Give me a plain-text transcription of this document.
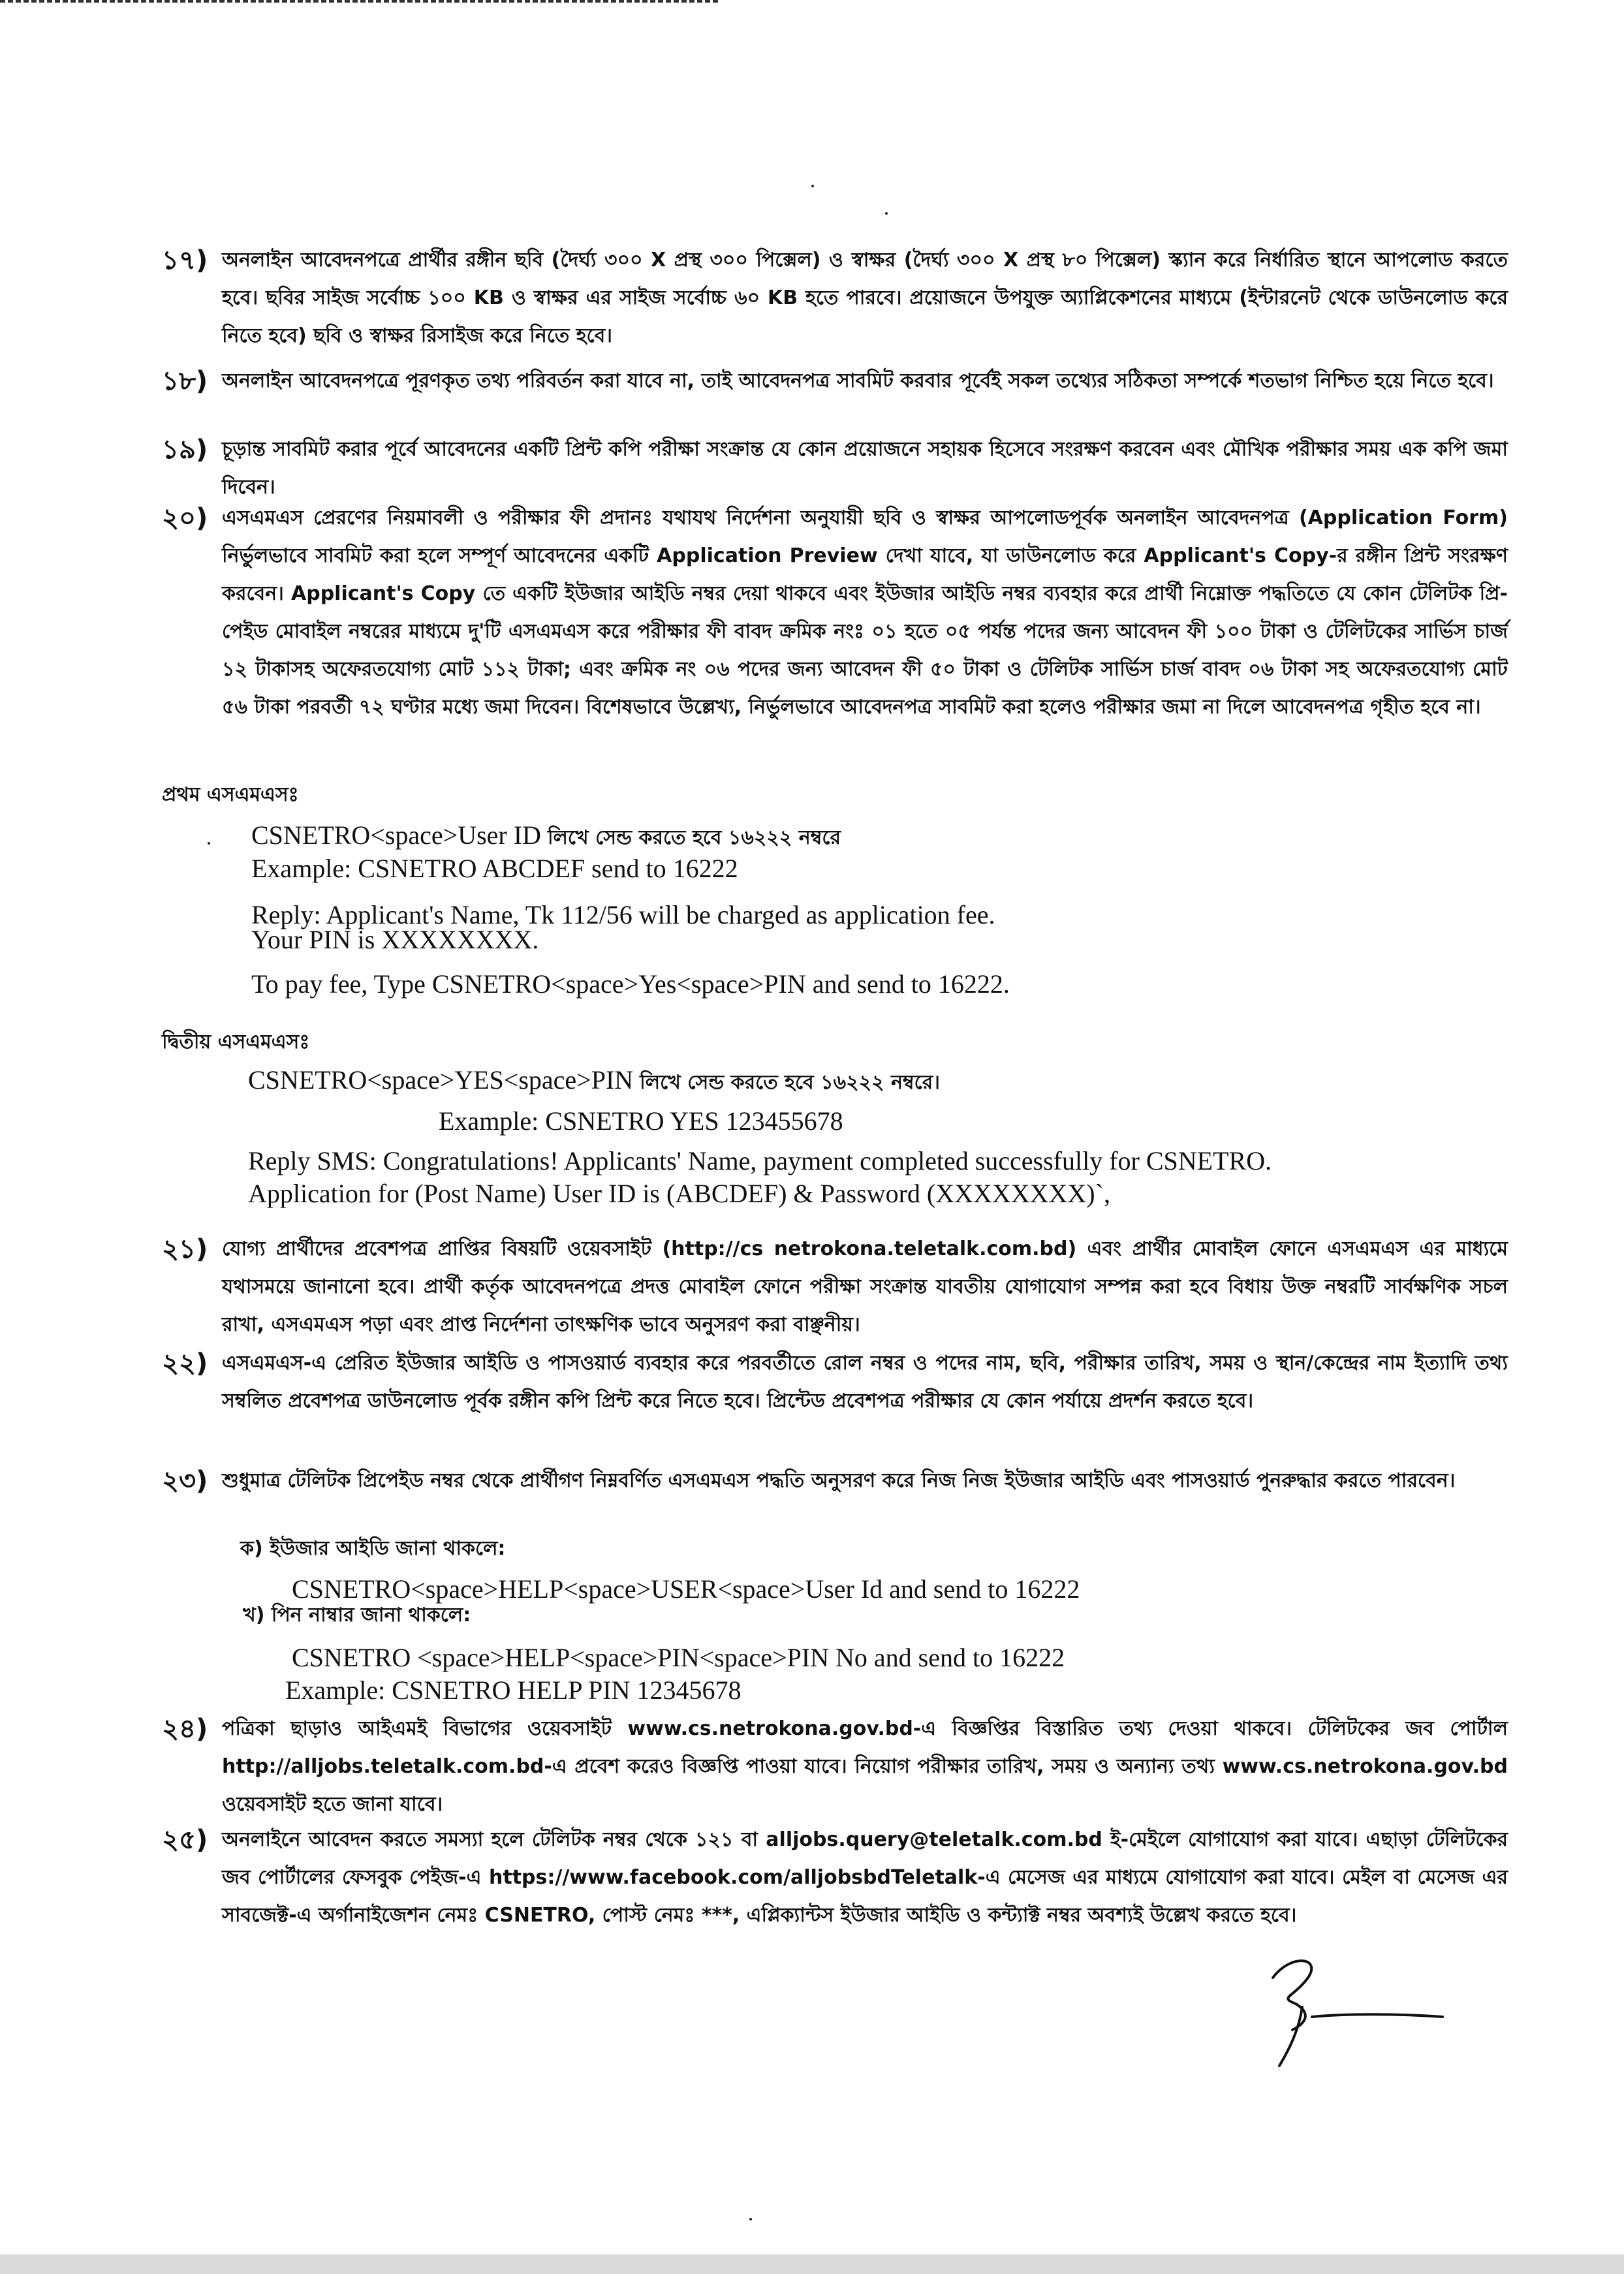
১৭) অনলাইন আবেদনপত্রে প্রার্থীর রঙ্গীন ছবি (দৈর্ঘ্য ৩০০ X প্রস্থ ৩০০ পিক্সেল) ও স্বাক্ষর (দৈর্ঘ্য ৩০০ X প্রস্থ ৮০ পিক্সেল) স্ক্যান করে নির্ধারিত স্থানে আপলোড করতে হবে। ছবির সাইজ সর্বোচ্চ ১০০ KB ও স্বাক্ষর এর সাইজ সর্বোচ্চ ৬০ KB হতে পারবে। প্রয়োজনে উপযুক্ত অ্যাপ্লিকেশনের মাধ্যমে (ইন্টারনেট থেকে ডাউনলোড করে নিতে হবে) ছবি ও স্বাক্ষর রিসাইজ করে নিতে হবে।
১৮) অনলাইন আবেদনপত্রে পূরণকৃত তথ্য পরিবর্তন করা যাবে না, তাই আবেদনপত্র সাবমিট করবার পূর্বেই সকল তথ্যের সঠিকতা সম্পর্কে শতভাগ নিশ্চিত হয়ে নিতে হবে।
১৯) চূড়ান্ত সাবমিট করার পূর্বে আবেদনের একটি প্রিন্ট কপি পরীক্ষা সংক্রান্ত যে কোন প্রয়োজনে সহায়ক হিসেবে সংরক্ষণ করবেন এবং মৌখিক পরীক্ষার সময় এক কপি জমা দিবেন।
২০) এসএমএস প্রেরণের নিয়মাবলী ও পরীক্ষার ফী প্রদানঃ যথাযথ নির্দেশনা অনুযায়ী ছবি ও স্বাক্ষর আপলোডপূর্বক অনলাইন আবেদনপত্র (Application Form) নির্ভুলভাবে সাবমিট করা হলে সম্পূর্ণ আবেদনের একটি Application Preview দেখা যাবে, যা ডাউনলোড করে Applicant's Copy-র রঙ্গীন প্রিন্ট সংরক্ষণ করবেন। Applicant's Copy তে একটি ইউজার আইডি নম্বর দেয়া থাকবে এবং ইউজার আইডি নম্বর ব্যবহার করে প্রার্থী নিম্নোক্ত পদ্ধতিতে যে কোন টেলিটক প্রি-পেইড মোবাইল নম্বরের মাধ্যমে দু'টি এসএমএস করে পরীক্ষার ফী বাবদ ক্রমিক নংঃ ০১ হতে ০৫ পর্যন্ত পদের জন্য আবেদন ফী ১০০ টাকা ও টেলিটকের সার্ভিস চার্জ ১২ টাকাসহ অফেরতযোগ্য মোট ১১২ টাকা; এবং ক্রমিক নং ০৬ পদের জন্য আবেদন ফী ৫০ টাকা ও টেলিটক সার্ভিস চার্জ বাবদ ০৬ টাকা সহ অফেরতযোগ্য মোট ৫৬ টাকা পরবর্তী ৭২ ঘণ্টার মধ্যে জমা দিবেন। বিশেষভাবে উল্লেখ্য, নির্ভুলভাবে আবেদনপত্র সাবমিট করা হলেও পরীক্ষার জমা না দিলে আবেদনপত্র গৃহীত হবে না।
প্রথম এসএমএসঃ
CSNETRO<space>User ID লিখে সেন্ড করতে হবে ১৬২২২ নম্বরে
Example: CSNETRO ABCDEF send to 16222
Reply: Applicant's Name, Tk 112/56 will be charged as application fee.
Your PIN is XXXXXXXX.
To pay fee, Type CSNETRO<space>Yes<space>PIN and send to 16222.
দ্বিতীয় এসএমএসঃ
CSNETRO<space>YES<space>PIN লিখে সেন্ড করতে হবে ১৬২২২ নম্বরে।
Example: CSNETRO YES 123455678
Reply SMS: Congratulations! Applicants' Name, payment completed successfully for CSNETRO.
Application for (Post Name) User ID is (ABCDEF) & Password (XXXXXXXX)`,
২১) যোগ্য প্রার্থীদের প্রবেশপত্র প্রাপ্তির বিষয়টি ওয়েবসাইট (http://cs netrokona.teletalk.com.bd) এবং প্রার্থীর মোবাইল ফোনে এসএমএস এর মাধ্যমে যথাসময়ে জানানো হবে। প্রার্থী কর্তৃক আবেদনপত্রে প্রদত্ত মোবাইল ফোনে পরীক্ষা সংক্রান্ত যাবতীয় যোগাযোগ সম্পন্ন করা হবে বিধায় উক্ত নম্বরটি সার্বক্ষণিক সচল রাখা, এসএমএস পড়া এবং প্রাপ্ত নির্দেশনা তাৎক্ষণিক ভাবে অনুসরণ করা বাঞ্ছনীয়।
২২) এসএমএস-এ প্রেরিত ইউজার আইডি ও পাসওয়ার্ড ব্যবহার করে পরবর্তীতে রোল নম্বর ও পদের নাম, ছবি, পরীক্ষার তারিখ, সময় ও স্থান/কেন্দ্রের নাম ইত্যাদি তথ্য সম্বলিত প্রবেশপত্র ডাউনলোড পূর্বক রঙ্গীন কপি প্রিন্ট করে নিতে হবে। প্রিন্টেড প্রবেশপত্র পরীক্ষার যে কোন পর্যায়ে প্রদর্শন করতে হবে।
২৩) শুধুমাত্র টেলিটক প্রিপেইড নম্বর থেকে প্রার্থীগণ নিম্নবর্ণিত এসএমএস পদ্ধতি অনুসরণ করে নিজ নিজ ইউজার আইডি এবং পাসওয়ার্ড পুনরুদ্ধার করতে পারবেন।
ক) ইউজার আইডি জানা থাকলে:
CSNETRO<space>HELP<space>USER<space>User Id and send to 16222
খ) পিন নাম্বার জানা থাকলে:
CSNETRO <space>HELP<space>PIN<space>PIN No and send to 16222
Example: CSNETRO HELP PIN 12345678
২৪) পত্রিকা ছাড়াও আইএমই বিভাগের ওয়েবসাইট www.cs.netrokona.gov.bd-এ বিজ্ঞপ্তির বিস্তারিত তথ্য দেওয়া থাকবে। টেলিটকের জব পোর্টাল http://alljobs.teletalk.com.bd-এ প্রবেশ করেও বিজ্ঞপ্তি পাওয়া যাবে। নিয়োগ পরীক্ষার তারিখ, সময় ও অন্যান্য তথ্য www.cs.netrokona.gov.bd ওয়েবসাইট হতে জানা যাবে।
২৫) অনলাইনে আবেদন করতে সমস্যা হলে টেলিটক নম্বর থেকে ১২১ বা alljobs.query@teletalk.com.bd ই-মেইলে যোগাযোগ করা যাবে। এছাড়া টেলিটকের জব পোর্টালের ফেসবুক পেইজ-এ https://www.facebook.com/alljobsbdTeletalk-এ মেসেজ এর মাধ্যমে যোগাযোগ করা যাবে। মেইল বা মেসেজ এর সাবজেক্ট-এ অর্গানাইজেশন নেমঃ CSNETRO, পোস্ট নেমঃ ***, এপ্লিক্যান্টস ইউজার আইডি ও কন্ট্যাক্ট নম্বর অবশ্যই উল্লেখ করতে হবে।
